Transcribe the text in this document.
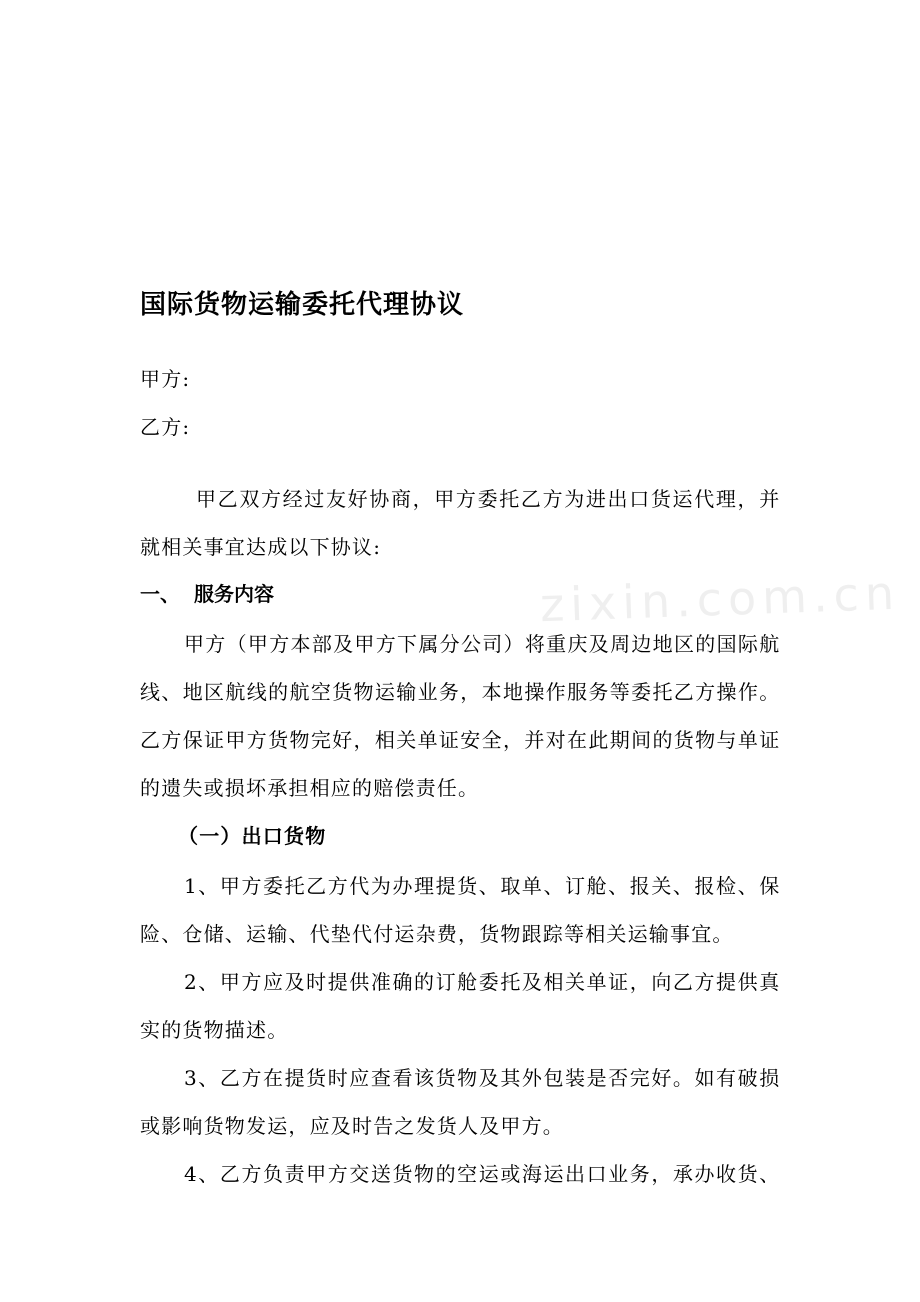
zixin.com.cn
国际货物运输委托代理协议
甲方:
乙方:
甲乙双方经过友好协商，甲方委托乙方为进出口货运代理，并
就相关事宜达成以下协议:
一、 服务内容
甲方（甲方本部及甲方下属分公司）将重庆及周边地区的国际航
线、地区航线的航空货物运输业务，本地操作服务等委托乙方操作。
乙方保证甲方货物完好，相关单证安全，并对在此期间的货物与单证
的遗失或损坏承担相应的赔偿责任。
（一）出口货物
1、甲方委托乙方代为办理提货、取单、订舱、报关、报检、保
险、仓储、运输、代垫代付运杂费，货物跟踪等相关运输事宜。
2、甲方应及时提供准确的订舱委托及相关单证，向乙方提供真
实的货物描述。
3、乙方在提货时应查看该货物及其外包装是否完好。如有破损
或影响货物发运，应及时告之发货人及甲方。
4、乙方负责甲方交送货物的空运或海运出口业务，承办收货、
